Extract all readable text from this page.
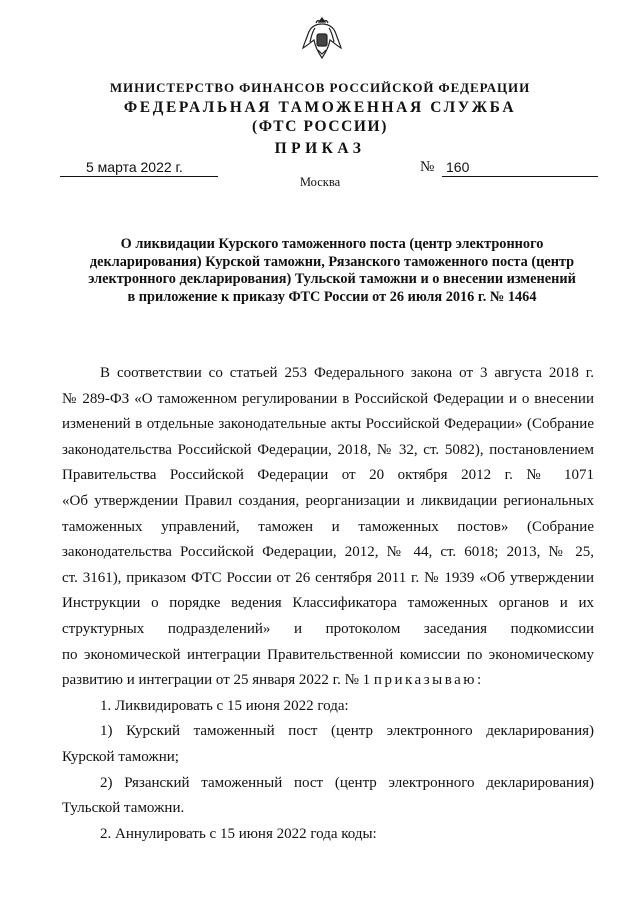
МИНИСТЕРСТВО ФИНАНСОВ РОССИЙСКОЙ ФЕДЕРАЦИИ
ФЕДЕРАЛЬНАЯ ТАМОЖЕННАЯ СЛУЖБА
(ФТС РОССИИ)
ПРИКАЗ
5 марта 2022 г.	№ 160
Москва
О ликвидации Курского таможенного поста (центр электронного
декларирования) Курской таможни, Рязанского таможенного поста (центр
электронного декларирования) Тульской таможни и о внесении изменений
в приложение к приказу ФТС России от 26 июля 2016 г. № 1464

В соответствии со статьей 253 Федерального закона от 3 августа 2018 г.

№ 289-ФЗ «О таможенном регулировании в Российской Федерации и о внесении

изменений в отдельные законодательные акты Российской Федерации» (Собрание

законодательства Российской Федерации, 2018, № 32, ст. 5082), постановлением

Правительства Российской Федерации от 20 октября 2012 г. № 1071

«Об утверждении Правил создания, реорганизации и ликвидации региональных

таможенных управлений, таможен и таможенных постов» (Собрание

законодательства Российской Федерации, 2012, № 44, ст. 6018; 2013, № 25,

ст. 3161), приказом ФТС России от 26 сентября 2011 г. № 1939 «Об утверждении

Инструкции о порядке ведения Классификатора таможенных органов и их

структурных подразделений» и протоколом заседания подкомиссии

по экономической интеграции Правительственной комиссии по экономическому

развитию и интеграции от 25 января 2022 г. № 1 приказываю:

1. Ликвидировать с 15 июня 2022 года:

1) Курский таможенный пост (центр электронного декларирования)

Курской таможни;

2) Рязанский таможенный пост (центр электронного декларирования)

Тульской таможни.

2. Аннулировать с 15 июня 2022 года коды:
